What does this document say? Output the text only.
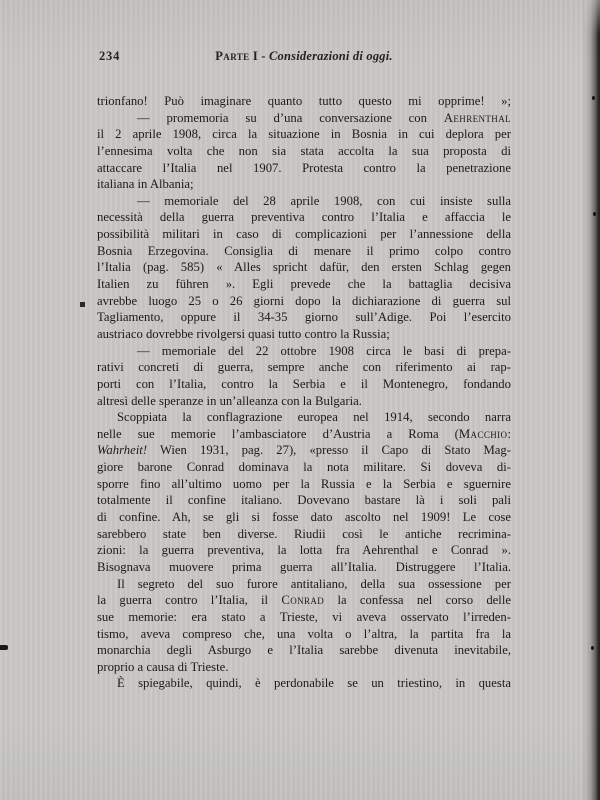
234	Parte I - Considerazioni di oggi.
trionfano! Può imaginare quanto tutto questo mi opprime! »;
— promemoria su d’una conversazione con Aehrenthal
il 2 aprile 1908, circa la situazione in Bosnia in cui deplora per
l’ennesima volta che non sia stata accolta la sua proposta di
attaccare l’Italia nel 1907. Protesta contro la penetrazione
italiana in Albania;
— memoriale del 28 aprile 1908, con cui insiste sulla
necessità della guerra preventiva contro l’Italia e affaccia le
possibilità militari in caso di complicazioni per l’annessione della
Bosnia Erzegovina. Consiglia di menare il primo colpo contro
l’Italia (pag. 585) « Alles spricht dafür, den ersten Schlag gegen
Italien zu führen ». Egli prevede che la battaglia decisiva
avrebbe luogo 25 o 26 giorni dopo la dichiarazione di guerra sul
Tagliamento, oppure il 34-35 giorno sull’Adige. Poi l’esercito
austriaco dovrebbe rivolgersi quasi tutto contro la Russia;
— memoriale del 22 ottobre 1908 circa le basi di prepa-
rativi concreti di guerra, sempre anche con riferimento ai rap-
porti con l’Italia, contro la Serbia e il Montenegro, fondando
altresì delle speranze in un’alleanza con la Bulgaria.
Scoppiata la conflagrazione europea nel 1914, secondo narra
nelle sue memorie l’ambasciatore d’Austria a Roma (Macchio:
Wahrheit! Wien 1931, pag. 27), «presso il Capo di Stato Mag-
giore barone Conrad dominava la nota militare. Si doveva di-
sporre fino all’ultimo uomo per la Russia e la Serbia e sguernire
totalmente il confine italiano. Dovevano bastare là i soli pali
di confine. Ah, se gli si fosse dato ascolto nel 1909! Le cose
sarebbero state ben diverse. Riudii così le antiche recrimina-
zioni: la guerra preventiva, la lotta fra Aehrenthal e Conrad ».
Bisognava muovere prima guerra all’Italia. Distruggere l’Italia.
Il segreto del suo furore antitaliano, della sua ossessione per
la guerra contro l’Italia, il Conrad la confessa nel corso delle
sue memorie: era stato a Trieste, vi aveva osservato l’irreden-
tismo, aveva compreso che, una volta o l’altra, la partita fra la
monarchia degli Asburgo e l’Italia sarebbe divenuta inevitabile,
proprio a causa di Trieste.
È spiegabile, quindi, è perdonabile se un triestino, in questa
